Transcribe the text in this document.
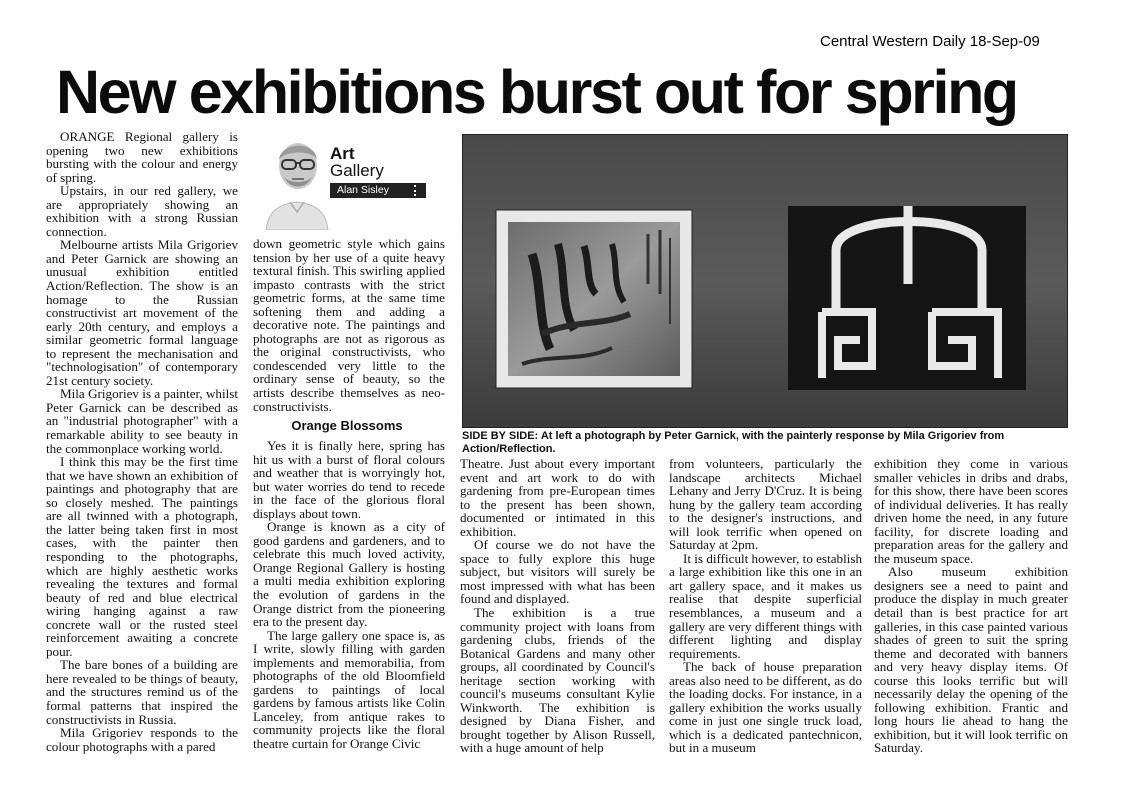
Central Western Daily 18-Sep-09
New exhibitions burst out for spring
Art
Gallery
Alan Sisley

ORANGE Regional gallery is opening two new exhibitions bursting with the colour and energy of spring.

Upstairs, in our red gallery, we are appropriately showing an exhibition with a strong Russian connection.

Melbourne artists Mila Grigoriev and Peter Garnick are showing an unusual exhibition entitled Action/Reflection. The show is an homage to the Russian constructivist art movement of the early 20th century, and employs a similar geometric formal language to represent the mechanisation and "technologisation" of contemporary 21st century society.

Mila Grigoriev is a painter, whilst Peter Garnick can be described as an "industrial photographer" with a remarkable ability to see beauty in the commonplace working world.

I think this may be the first time that we have shown an exhibition of paintings and photography that are so closely meshed. The paintings are all twinned with a photograph, the latter being taken first in most cases, with the painter then responding to the photographs, which are highly aesthetic works revealing the textures and formal beauty of red and blue electrical wiring hanging against a raw concrete wall or the rusted steel reinforcement awaiting a concrete pour.

The bare bones of a building are here revealed to be things of beauty, and the structures remind us of the formal patterns that inspired the constructivists in Russia.

Mila Grigoriev responds to the colour photographs with a pared

down geometric style which gains tension by her use of a quite heavy textural finish. This swirling applied impasto contrasts with the strict geometric forms, at the same time softening them and adding a decorative note. The paintings and photographs are not as rigorous as the original constructivists, who condescended very little to the ordinary sense of beauty, so the artists describe themselves as neo-constructivists.

Orange Blossoms

Yes it is finally here, spring has hit us with a burst of floral colours and weather that is worryingly hot, but water worries do tend to recede in the face of the glorious floral displays about town.

Orange is known as a city of good gardens and gardeners, and to celebrate this much loved activity, Orange Regional Gallery is hosting a multi media exhibition exploring the evolution of gardens in the Orange district from the pioneering era to the present day.

The large gallery one space is, as I write, slowly filling with garden implements and memorabilia, from photographs of the old Bloomfield gardens to paintings of local gardens by famous artists like Colin Lanceley, from antique rakes to community projects like the floral theatre curtain for Orange Civic

SIDE BY SIDE: At left a photograph by Peter Garnick, with the painterly response by Mila Grigoriev from Action/Reflection.

Theatre. Just about every important event and art work to do with gardening from pre-European times to the present has been shown, documented or intimated in this exhibition.

Of course we do not have the space to fully explore this huge subject, but visitors will surely be most impressed with what has been found and displayed.

The exhibition is a true community project with loans from gardening clubs, friends of the Botanical Gardens and many other groups, all coordinated by Council's heritage section working with council's museums consultant Kylie Winkworth. The exhibition is designed by Diana Fisher, and brought together by Alison Russell, with a huge amount of help

from volunteers, particularly the landscape architects Michael Lehany and Jerry D'Cruz. It is being hung by the gallery team according to the designer's instructions, and will look terrific when opened on Saturday at 2pm.

It is difficult however, to establish a large exhibition like this one in an art gallery space, and it makes us realise that despite superficial resemblances, a museum and a gallery are very different things with different lighting and display requirements.

The back of house preparation areas also need to be different, as do the loading docks. For instance, in a gallery exhibition the works usually come in just one single truck load, which is a dedicated pantechnicon, but in a museum

exhibition they come in various smaller vehicles in dribs and drabs, for this show, there have been scores of individual deliveries. It has really driven home the need, in any future facility, for discrete loading and preparation areas for the gallery and the museum space.

Also museum exhibition designers see a need to paint and produce the display in much greater detail than is best practice for art galleries, in this case painted various shades of green to suit the spring theme and decorated with banners and very heavy display items. Of course this looks terrific but will necessarily delay the opening of the following exhibition. Frantic and long hours lie ahead to hang the exhibition, but it will look terrific on Saturday.
